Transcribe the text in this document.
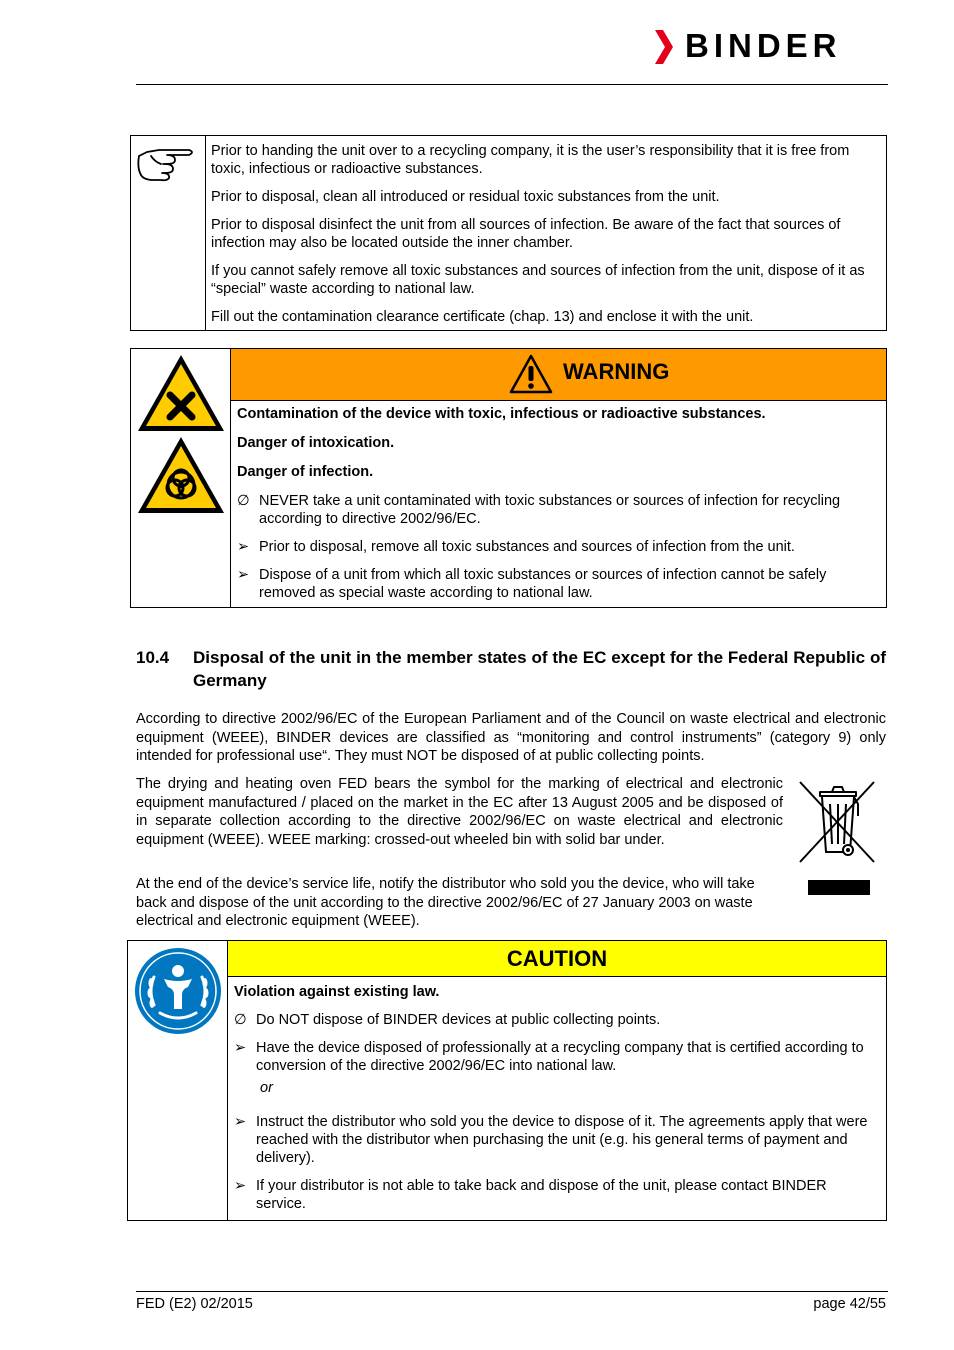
BINDER

Prior to handing the unit over to a recycling company, it is the user’s responsibility that it is free from toxic, infectious or radioactive substances.

Prior to disposal, clean all introduced or residual toxic substances from the unit.

Prior to disposal disinfect the unit from all sources of infection. Be aware of the fact that sources of infection may also be located outside the inner chamber.

If you cannot safely remove all toxic substances and sources of infection from the unit, dispose of it as “special” waste according to national law.

Fill out the contamination clearance certificate (chap. 13) and enclose it with the unit.

WARNING

Contamination of the device with toxic, infectious or radioactive substances.

Danger of intoxication.

Danger of infection.

∅ NEVER take a unit contaminated with toxic substances or sources of infection for recycling according to directive 2002/96/EC.
➢ Prior to disposal, remove all toxic substances and sources of infection from the unit.
➢ Dispose of a unit from which all toxic substances or sources of infection cannot be safely removed as special waste according to national law.
10.4 Disposal of the unit in the member states of the EC except for the Federal Republic of Germany

According to directive 2002/96/EC of the European Parliament and of the Council on waste electrical and electronic equipment (WEEE), BINDER devices are classified as “monitoring and control instruments” (category 9) only intended for professional use“. They must NOT be disposed of at public collecting points.

The drying and heating oven FED bears the symbol for the marking of electrical and electronic equipment manufactured / placed on the market in the EC after 13 August 2005 and be disposed of in separate collection according to the directive 2002/96/EC on waste electrical and electronic equipment (WEEE). WEEE marking: crossed-out wheeled bin with solid bar under.

At the end of the device’s service life, notify the distributor who sold you the device, who will take back and dispose of the unit according to the directive 2002/96/EC of 27 January 2003 on waste electrical and electronic equipment (WEEE).

CAUTION

Violation against existing law.

∅ Do NOT dispose of BINDER devices at public collecting points.
➢ Have the device disposed of professionally at a recycling company that is certified according to conversion of the directive 2002/96/EC into national law.

or

➢ Instruct the distributor who sold you the device to dispose of it. The agreements apply that were reached with the distributor when purchasing the unit (e.g. his general terms of payment and delivery).
➢ If your distributor is not able to take back and dispose of the unit, please contact BINDER service.
FED (E2) 02/2015	page 42/55
